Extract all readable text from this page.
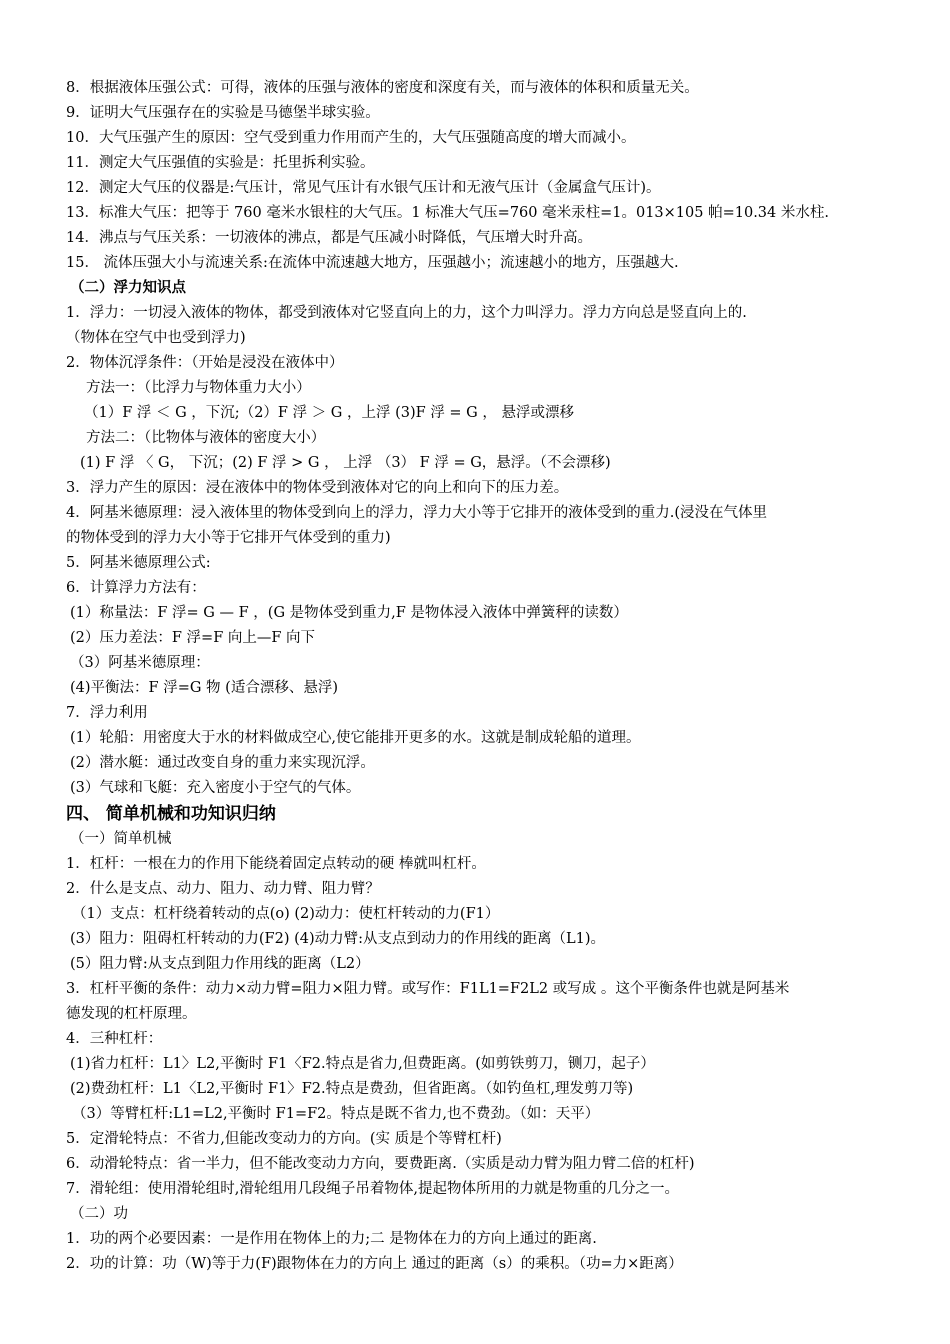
8．根据液体压强公式：可得，液体的压强与液体的密度和深度有关，而与液体的体积和质量无关。
9．证明大气压强存在的实验是马德堡半球实验。
10．大气压强产生的原因：空气受到重力作用而产生的，大气压强随高度的增大而减小。
11．测定大气压强值的实验是：托里拆利实验。
12．测定大气压的仪器是:气压计，常见气压计有水银气压计和无液气压计（金属盒气压计)。
13．标准大气压：把等于 760 毫米水银柱的大气压。1 标准大气压=760 毫米汞柱=1。013×105 帕=10.34 米水柱.
14．沸点与气压关系：一切液体的沸点，都是气压减小时降低，气压增大时升高。
15． 流体压强大小与流速关系:在流体中流速越大地方，压强越小；流速越小的地方，压强越大.
（二）浮力知识点
1．浮力：一切浸入液体的物体，都受到液体对它竖直向上的力，这个力叫浮力。浮力方向总是竖直向上的.
（物体在空气中也受到浮力)
2．物体沉浮条件：（开始是浸没在液体中）
方法一：（比浮力与物体重力大小）
（1）F 浮 ＜ G ，下沉;（2）F 浮 ＞ G ，上浮 (3)F 浮 = G ， 悬浮或漂移
方法二：（比物体与液体的密度大小）
(1) F 浮 〈 G， 下沉；(2) F 浮 > G ， 上浮 （3） F 浮 = G，悬浮。（不会漂移)
3．浮力产生的原因：浸在液体中的物体受到液体对它的向上和向下的压力差。
4．阿基米德原理：浸入液体里的物体受到向上的浮力，浮力大小等于它排开的液体受到的重力.(浸没在气体里
的物体受到的浮力大小等于它排开气体受到的重力)
5．阿基米德原理公式:
6．计算浮力方法有：
(1）称量法：F 浮= G — F ，(G 是物体受到重力,F 是物体浸入液体中弹簧秤的读数）
(2）压力差法：F 浮=F 向上—F 向下
（3）阿基米德原理：
(4)平衡法：F 浮=G 物 (适合漂移、悬浮)
7．浮力利用
(1）轮船：用密度大于水的材料做成空心,使它能排开更多的水。这就是制成轮船的道理。
(2）潜水艇：通过改变自身的重力来实现沉浮。
(3）气球和飞艇：充入密度小于空气的气体。
四、 简单机械和功知识归纳
（一）简单机械
1．杠杆：一根在力的作用下能绕着固定点转动的硬 棒就叫杠杆。
2．什么是支点、动力、阻力、动力臂、阻力臂？
（1）支点：杠杆绕着转动的点(o) (2)动力：使杠杆转动的力(F1）
(3）阻力：阻碍杠杆转动的力(F2) (4)动力臂:从支点到动力的作用线的距离（L1)。
(5）阻力臂:从支点到阻力作用线的距离（L2）
3．杠杆平衡的条件：动力×动力臂=阻力×阻力臂。或写作：F1L1=F2L2 或写成 。这个平衡条件也就是阿基米
德发现的杠杆原理。
4．三种杠杆：
(1)省力杠杆：L1〉L2,平衡时 F1〈F2.特点是省力,但费距离。(如剪铁剪刀，铡刀，起子）
(2)费劲杠杆：L1〈L2,平衡时 F1〉F2.特点是费劲，但省距离。（如钓鱼杠,理发剪刀等)
（3）等臂杠杆:L1=L2,平衡时 F1=F2。特点是既不省力,也不费劲。（如：天平）
5．定滑轮特点：不省力,但能改变动力的方向。(实 质是个等臂杠杆)
6．动滑轮特点：省一半力，但不能改变动力方向，要费距离.（实质是动力臂为阻力臂二倍的杠杆)
7．滑轮组：使用滑轮组时,滑轮组用几段绳子吊着物体,提起物体所用的力就是物重的几分之一。
（二）功
1．功的两个必要因素：一是作用在物体上的力;二 是物体在力的方向上通过的距离.
2．功的计算：功（W)等于力(F)跟物体在力的方向上 通过的距离（s）的乘积。（功=力×距离）
